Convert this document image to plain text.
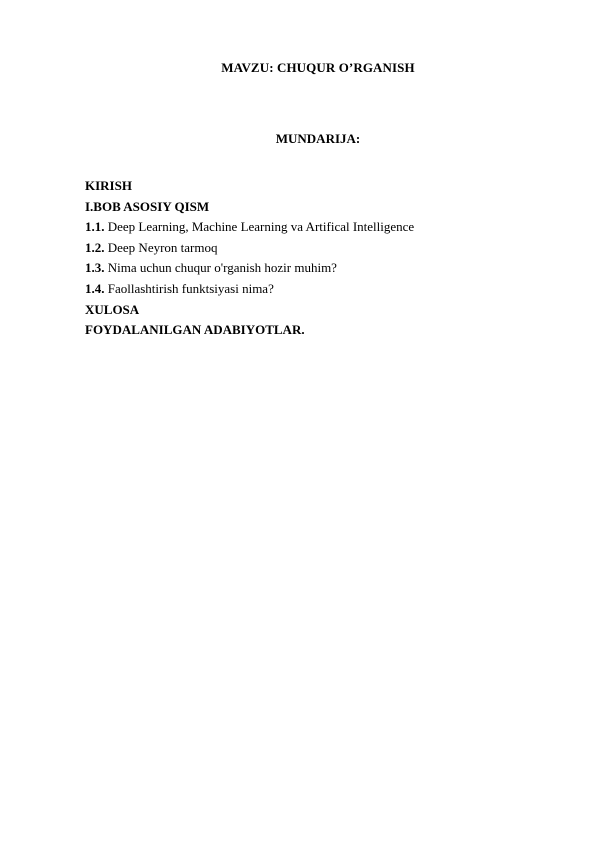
MAVZU: CHUQUR O’RGANISH
MUNDARIJA:
KIRISH
I.BOB ASOSIY QISM
1.1. Deep Learning, Machine Learning va Artifical Intelligence
1.2. Deep Neyron tarmoq
1.3. Nima uchun chuqur o'rganish hozir muhim?
1.4. Faollashtirish funktsiyasi nima?
XULOSA
FOYDALANILGAN ADABIYOTLAR.
